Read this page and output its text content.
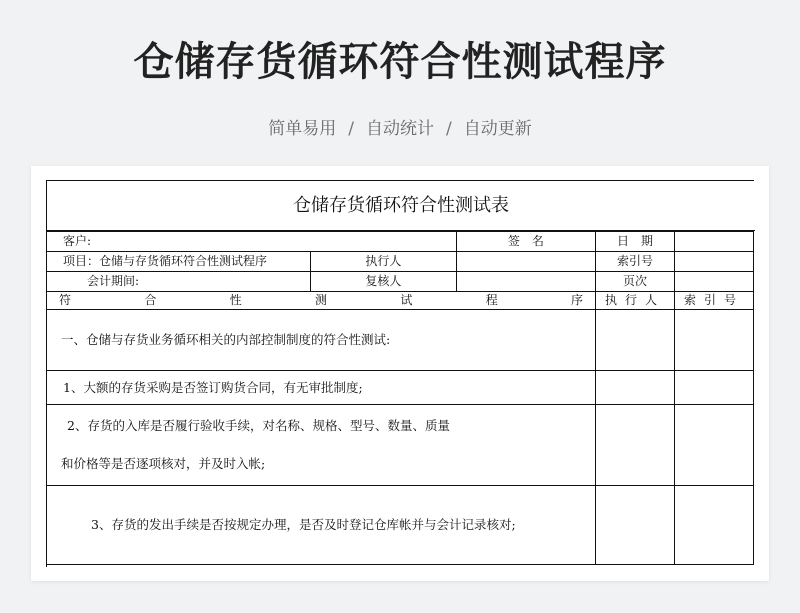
仓储存货循环符合性测试程序
简单易用 / 自动统计 / 自动更新
仓储存货循环符合性测试表
客户:		签　名	日　期	
项目：仓储与存货循环符合性测试程序	执行人		索引号	
会计期间:	复核人		页次	
符合性测试程序			执行人	索引号
一、仓储与存货业务循环相关的内部控制制度的符合性测试:				
1、大额的存货采购是否签订购货合同，有无审批制度;				

2、存货的入库是否履行验收手续，对名称、规格、型号、数量、质量
和价格等是否逐项核对，并及时入帐;				

3、存货的发出手续是否按规定办理，是否及时登记仓库帐并与会计记录核对;				
